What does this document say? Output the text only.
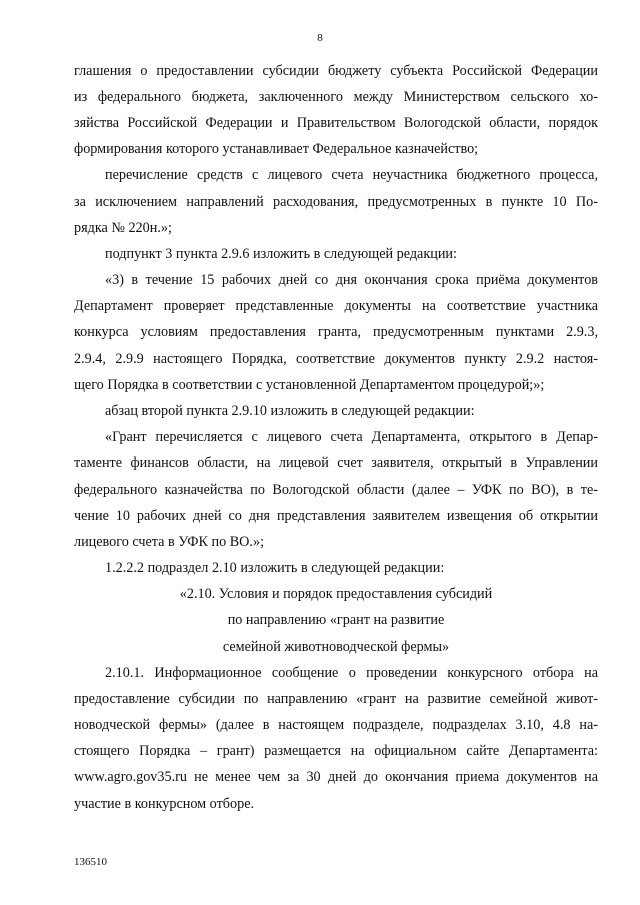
8
глашения о предоставлении субсидии бюджету субъекта Российской Федерации
из федерального бюджета, заключенного между Министерством сельского хо-
зяйства Российской Федерации и Правительством Вологодской области, порядок
формирования которого устанавливает Федеральное казначейство;
перечисление средств с лицевого счета неучастника бюджетного процесса,
за исключением направлений расходования, предусмотренных в пункте 10 По-
рядка № 220н.»;
подпункт 3 пункта 2.9.6 изложить в следующей редакции:
«3) в течение 15 рабочих дней со дня окончания срока приёма документов
Департамент проверяет представленные документы на соответствие участника
конкурса условиям предоставления гранта, предусмотренным пунктами 2.9.3,
2.9.4, 2.9.9 настоящего Порядка, соответствие документов пункту 2.9.2 настоя-
щего Порядка в соответствии с установленной Департаментом процедурой;»;
абзац второй пункта 2.9.10 изложить в следующей редакции:
«Грант перечисляется с лицевого счета Департамента, открытого в Депар-
таменте финансов области, на лицевой счет заявителя, открытый в Управлении
федерального казначейства по Вологодской области (далее – УФК по ВО), в те-
чение 10 рабочих дней со дня представления заявителем извещения об открытии
лицевого счета в УФК по ВО.»;
1.2.2.2 подраздел 2.10 изложить в следующей редакции:
«2.10. Условия и порядок предоставления субсидий
по направлению «грант на развитие
семейной животноводческой фермы»
2.10.1. Информационное сообщение о проведении конкурсного отбора на
предоставление субсидии по направлению «грант на развитие семейной живот-
новодческой фермы» (далее в настоящем подразделе, подразделах 3.10, 4.8 на-
стоящего Порядка – грант) размещается на официальном сайте Департамента:
www.agro.gov35.ru не менее чем за 30 дней до окончания приема документов на
участие в конкурсном отборе.
136510
